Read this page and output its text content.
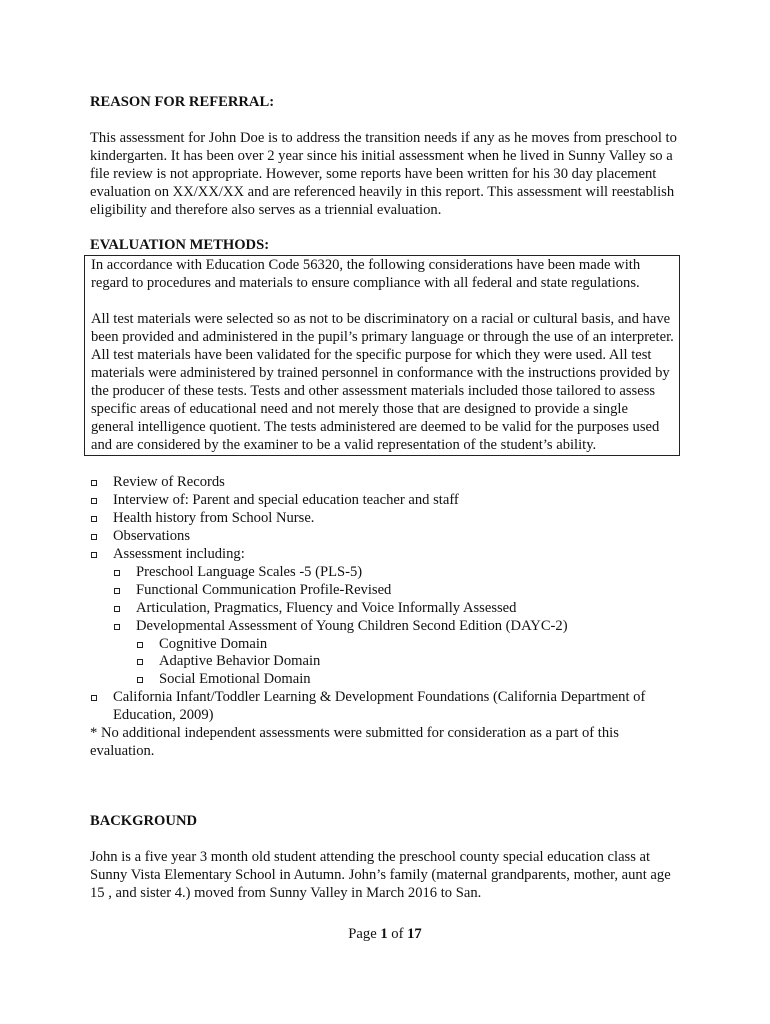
REASON FOR REFERRAL:

This assessment for John Doe is to address the transition needs if any as he moves from preschool to kindergarten. It has been over 2 year since his initial assessment when he lived in Sunny Valley so a file review is not appropriate. However, some reports have been written for his 30 day placement evaluation on XX/XX/XX and are referenced heavily in this report. This assessment will reestablish eligibility and therefore also serves as a triennial evaluation.

EVALUATION METHODS:

In accordance with Education Code 56320, the following considerations have been made with regard to procedures and materials to ensure compliance with all federal and state regulations.

All test materials were selected so as not to be discriminatory on a racial or cultural basis, and have been provided and administered in the pupil’s primary language or through the use of an interpreter. All test materials have been validated for the specific purpose for which they were used. All test materials were administered by trained personnel in conformance with the instructions provided by the producer of these tests. Tests and other assessment materials included those tailored to assess specific areas of educational need and not merely those that are designed to provide a single general intelligence quotient. The tests administered are deemed to be valid for the purposes used and are considered by the examiner to be a valid representation of the student’s ability.

Review of Records
Interview of: Parent and special education teacher and staff
Health history from School Nurse.
Observations
Assessment including:
Preschool Language Scales -5 (PLS-5)
Functional Communication Profile-Revised
Articulation, Pragmatics, Fluency and Voice Informally Assessed
Developmental Assessment of Young Children Second Edition (DAYC-2)
Cognitive Domain
Adaptive Behavior Domain
Social Emotional Domain
California Infant/Toddler Learning & Development Foundations (California Department of Education, 2009)

* No additional independent assessments were submitted for consideration as a part of this evaluation.

BACKGROUND

John is a five year 3 month old student attending the preschool county special education class at Sunny Vista Elementary School in Autumn. John’s family (maternal grandparents, mother, aunt age 15 , and sister 4.) moved from Sunny Valley in March 2016 to San.

Page 1 of 17
